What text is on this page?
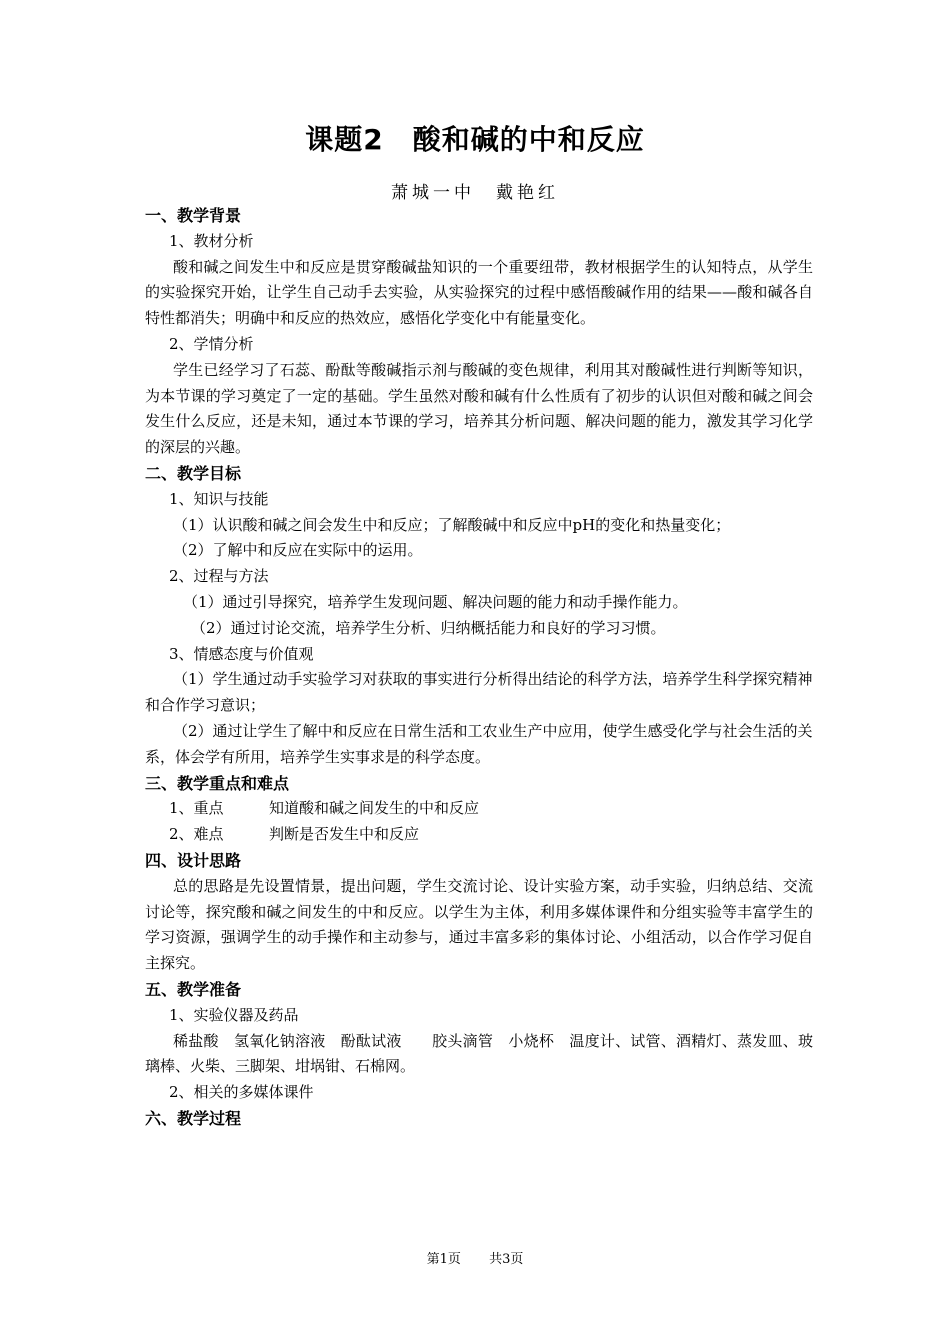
课题2　酸和碱的中和反应
萧城一中　戴艳红
一、教学背景
1、教材分析
酸和碱之间发生中和反应是贯穿酸碱盐知识的一个重要纽带，教材根据学生的认知特点，从学生的实验探究开始，让学生自己动手去实验，从实验探究的过程中感悟酸碱作用的结果——酸和碱各自特性都消失；明确中和反应的热效应，感悟化学变化中有能量变化。
2、学情分析
学生已经学习了石蕊、酚酞等酸碱指示剂与酸碱的变色规律，利用其对酸碱性进行判断等知识，为本节课的学习奠定了一定的基础。学生虽然对酸和碱有什么性质有了初步的认识但对酸和碱之间会发生什么反应，还是未知，通过本节课的学习，培养其分析问题、解决问题的能力，激发其学习化学的深层的兴趣。
二、教学目标
1、知识与技能
（1）认识酸和碱之间会发生中和反应；了解酸碱中和反应中pH的变化和热量变化；
（2）了解中和反应在实际中的运用。
2、过程与方法
（1）通过引导探究，培养学生发现问题、解决问题的能力和动手操作能力。
（2）通过讨论交流，培养学生分析、归纳概括能力和良好的学习习惯。
3、情感态度与价值观
（1）学生通过动手实验学习对获取的事实进行分析得出结论的科学方法，培养学生科学探究精神和合作学习意识；
（2）通过让学生了解中和反应在日常生活和工农业生产中应用，使学生感受化学与社会生活的关系，体会学有所用，培养学生实事求是的科学态度。
三、教学重点和难点
1、重点	知道酸和碱之间发生的中和反应
2、难点	判断是否发生中和反应
四、设计思路
总的思路是先设置情景，提出问题，学生交流讨论、设计实验方案，动手实验，归纳总结、交流讨论等，探究酸和碱之间发生的中和反应。以学生为主体，利用多媒体课件和分组实验等丰富学生的学习资源，强调学生的动手操作和主动参与，通过丰富多彩的集体讨论、小组活动，以合作学习促自主探究。
五、教学准备
1、实验仪器及药品
稀盐酸　氢氧化钠溶液　酚酞试液　　胶头滴管　小烧杯　温度计、试管、酒精灯、蒸发皿、玻璃棒、火柴、三脚架、坩埚钳、石棉网。
2、相关的多媒体课件
六、教学过程
第1页 共3页
